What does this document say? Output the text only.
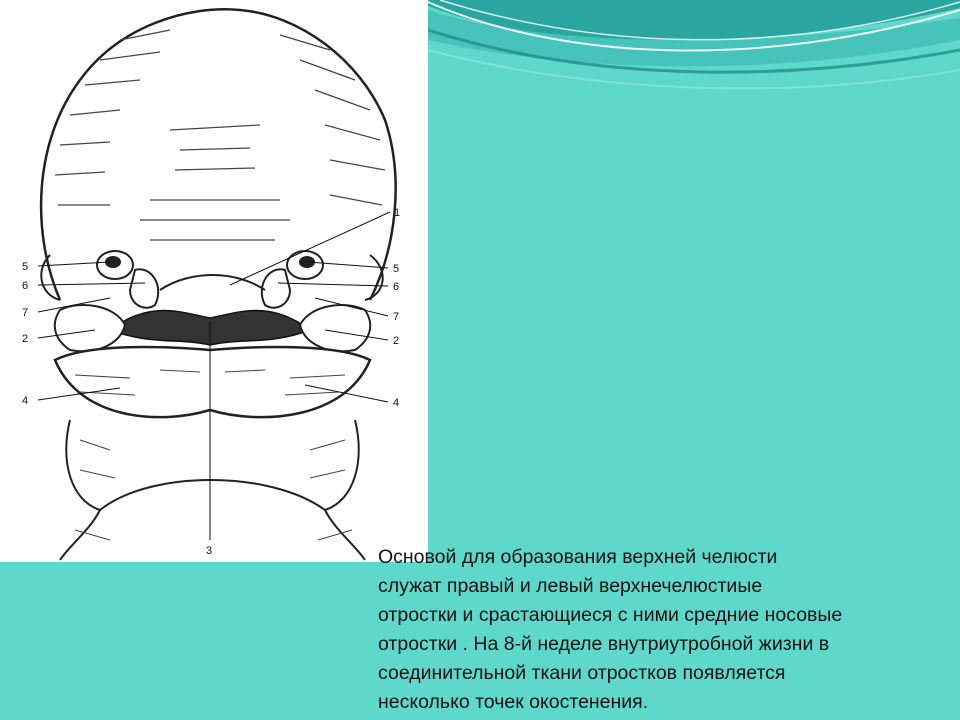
5
6
7
2
4
1
5
6
7
2
4
3	Основой для образования верхней челюсти
служат правый и левый верхнечелюстиые
отростки и срастающиеся с ними средние носовые
отростки . На 8-й неделе внутриутробной жизни в
соединительной ткани отростков появляется
несколько точек окостенения.
